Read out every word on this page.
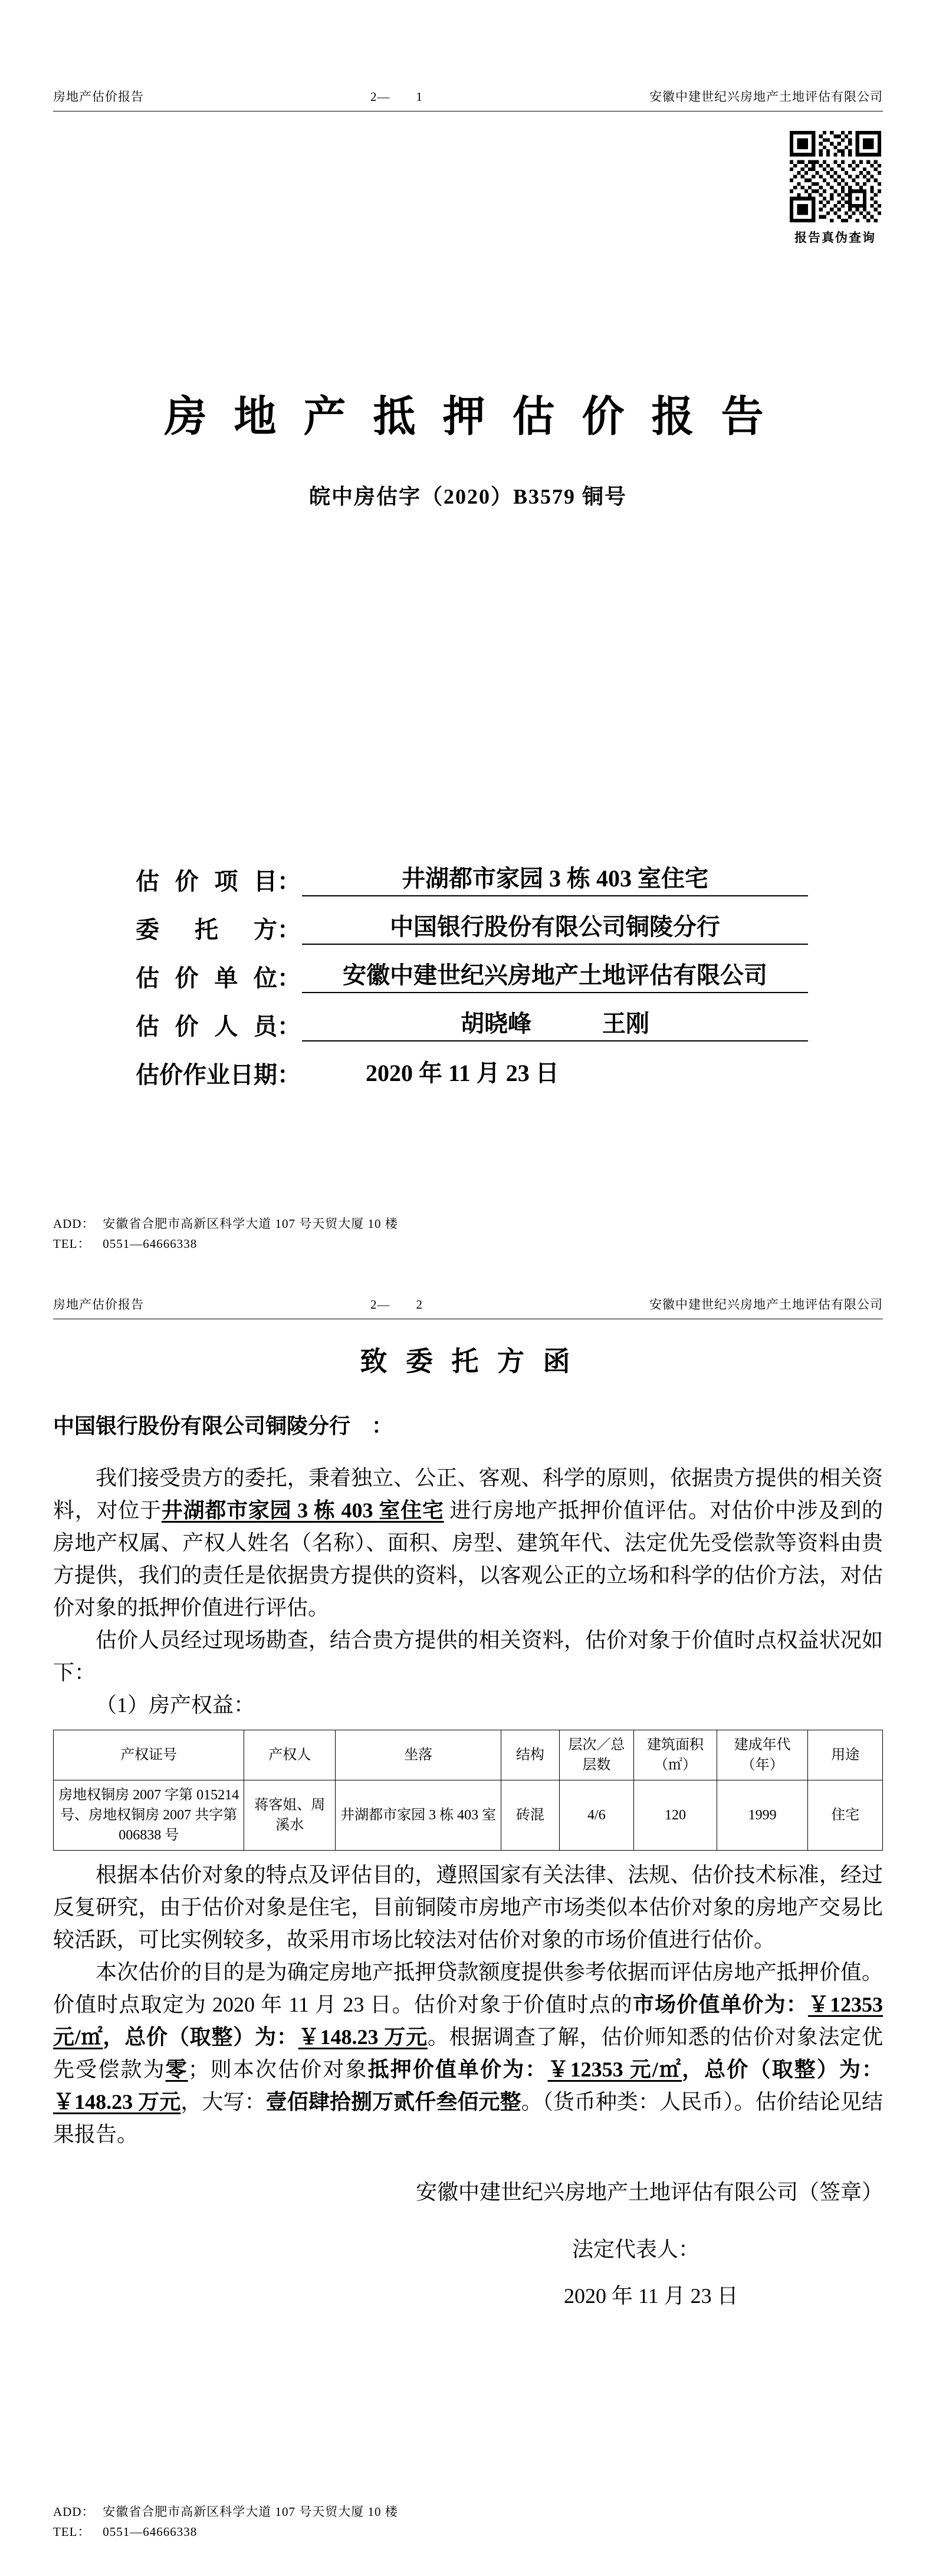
房地产估价报告	2—　　1	安徽中建世纪兴房地产土地评估有限公司
报告真伪查询
房 地 产 抵 押 估 价 报 告
皖中房估字（2020）B3579 铜号
估价项目 ：	井湖都市家园 3 栋 403 室住宅
委托方 ：	中国银行股份有限公司铜陵分行
估价单位 ：	安徽中建世纪兴房地产土地评估有限公司
估价人员 ：	胡晓峰　　　王刚
估价作业日期 ：	2020 年 11 月 23 日
ADD： 安徽省合肥市高新区科学大道 107 号天贸大厦 10 楼
TEL： 0551—64666338
房地产估价报告	2—　　2	安徽中建世纪兴房地产土地评估有限公司
致 委 托 方 函
中国银行股份有限公司铜陵分行　：

我们接受贵方的委托，秉着独立、公正、客观、科学的原则，依据贵方提供的相关资料，对位于井湖都市家园 3 栋 403 室住宅 进行房地产抵押价值评估。对估价中涉及到的房地产权属、产权人姓名（名称）、面积、房型、建筑年代、法定优先受偿款等资料由贵方提供，我们的责任是依据贵方提供的资料，以客观公正的立场和科学的估价方法，对估价对象的抵押价值进行评估。

估价人员经过现场勘查，结合贵方提供的相关资料，估价对象于价值时点权益状况如下：

（1）房产权益：

产权证号	产权人	坐落	结构	层次／总层数	建筑面积（㎡）	建成年代（年）	用途
房地权铜房 2007 字第 015214 号、房地权铜房 2007 共字第 006838 号	蒋客姐、周溪水	井湖都市家园 3 栋 403 室	砖混	4/6	120	1999	住宅

根据本估价对象的特点及评估目的，遵照国家有关法律、法规、估价技术标准，经过反复研究，由于估价对象是住宅，目前铜陵市房地产市场类似本估价对象的房地产交易比较活跃，可比实例较多，故采用市场比较法对估价对象的市场价值进行估价。

本次估价的目的是为确定房地产抵押贷款额度提供参考依据而评估房地产抵押价值。价值时点取定为 2020 年 11 月 23 日。估价对象于价值时点的市场价值单价为：￥12353 元/㎡，总价（取整）为：￥148.23 万元。根据调查了解，估价师知悉的估价对象法定优先受偿款为零；则本次估价对象抵押价值单价为：￥12353 元/㎡，总价（取整）为：￥148.23 万元，大写：壹佰肆拾捌万贰仟叁佰元整。（货币种类：人民币）。估价结论见结果报告。

安徽中建世纪兴房地产土地评估有限公司（签章）
法定代表人：
2020 年 11 月 23 日
ADD： 安徽省合肥市高新区科学大道 107 号天贸大厦 10 楼
TEL： 0551—64666338
